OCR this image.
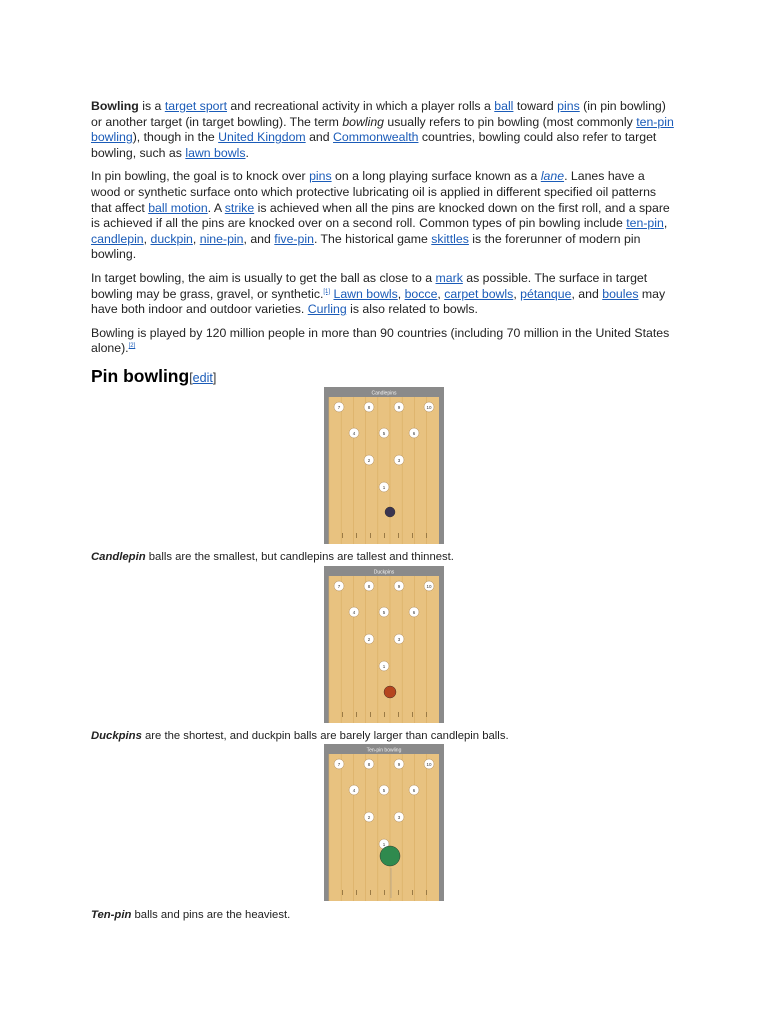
Bowling is a target sport and recreational activity in which a player rolls a ball toward pins (in pin bowling) or another target (in target bowling). The term bowling usually refers to pin bowling (most commonly ten-pin bowling), though in the United Kingdom and Commonwealth countries, bowling could also refer to target bowling, such as lawn bowls.

In pin bowling, the goal is to knock over pins on a long playing surface known as a lane. Lanes have a wood or synthetic surface onto which protective lubricating oil is applied in different specified oil patterns that affect ball motion. A strike is achieved when all the pins are knocked down on the first roll, and a spare is achieved if all the pins are knocked over on a second roll. Common types of pin bowling include ten-pin, candlepin, duckpin, nine-pin, and five-pin. The historical game skittles is the forerunner of modern pin bowling.

In target bowling, the aim is usually to get the ball as close to a mark as possible. The surface in target bowling may be grass, gravel, or synthetic.[1] Lawn bowls, bocce, carpet bowls, pétanque, and boules may have both indoor and outdoor varieties. Curling is also related to bowls.

Bowling is played by 120 million people in more than 90 countries (including 70 million in the United States alone).[2]

Pin bowling[edit]
Candlepins
7	8	9	10
4	5	6
2	3
1
Candlepin balls are the smallest, but candlepins are tallest and thinnest.
Duckpins
7	8	9	10
4	5	6
2	3
1
Duckpins are the shortest, and duckpin balls are barely larger than candlepin balls.
Ten-pin bowling
7	8	9	10
4	5	6
2	3
1
Ten-pin balls and pins are the heaviest.
